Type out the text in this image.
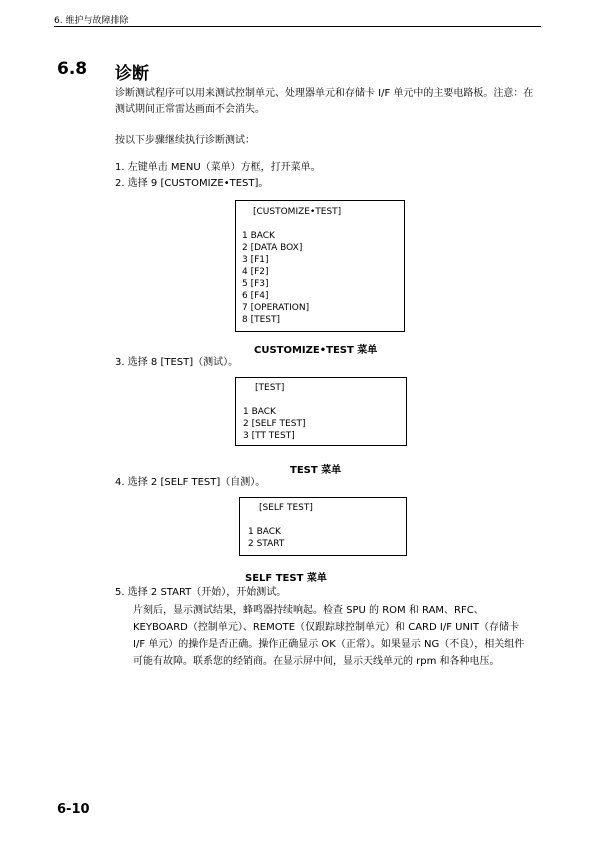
6. 维护与故障排除
6.8 诊断
诊断测试程序可以用来测试控制单元、处理器单元和存储卡 I/F 单元中的主要电路板。注意：在测试期间正常雷达画面不会消失。
按以下步骤继续执行诊断测试：
1. 左键单击 MENU（菜单）方框，打开菜单。
2. 选择 9 [CUSTOMIZE•TEST]。
[CUSTOMIZE•TEST]
1 BACK
2 [DATA BOX]
3 [F1]
4 [F2]
5 [F3]
6 [F4]
7 [OPERATION]
8 [TEST]
CUSTOMIZE•TEST 菜单
3. 选择 8 [TEST]（测试）。
[TEST]
1 BACK
2 [SELF TEST]
3 [TT TEST]
TEST 菜单
4. 选择 2 [SELF TEST]（自测）。
[SELF TEST]
1 BACK
2 START
SELF TEST 菜单
5. 选择 2 START（开始），开始测试。
片刻后，显示测试结果，蜂鸣器持续响起。检查 SPU 的 ROM 和 RAM、RFC、KEYBOARD（控制单元）、REMOTE（仅跟踪球控制单元）和 CARD I/F UNIT（存储卡 I/F 单元）的操作是否正确。操作正确显示 OK（正常）。如果显示 NG（不良），相关组件可能有故障。联系您的经销商。在显示屏中间，显示天线单元的 rpm 和各种电压。
6-10
